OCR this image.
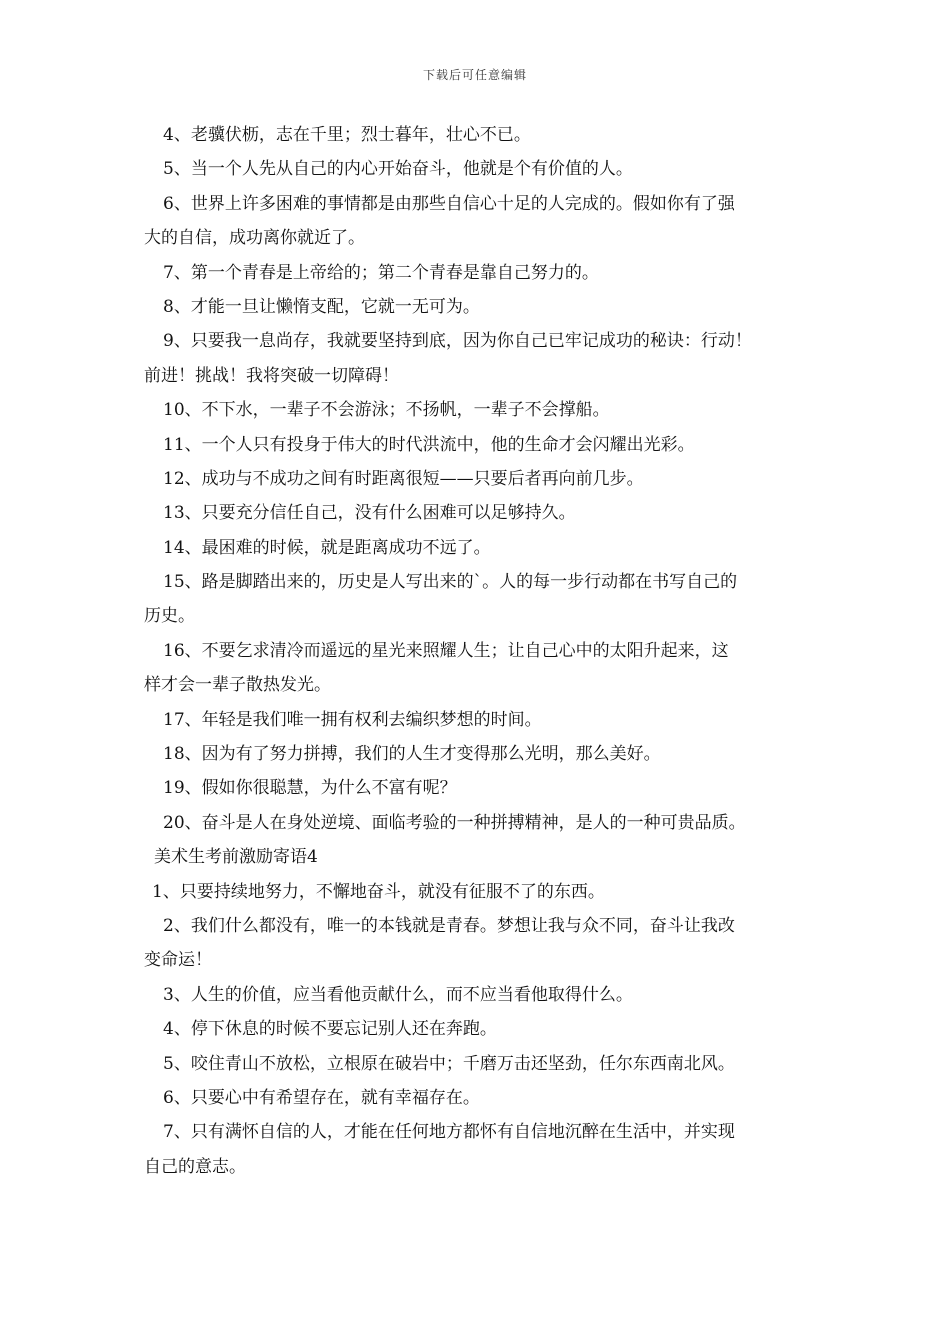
下载后可任意编辑
4、老骥伏枥，志在千里；烈士暮年，壮心不已。
5、当一个人先从自己的内心开始奋斗，他就是个有价值的人。
6、世界上许多困难的事情都是由那些自信心十足的人完成的。假如你有了强
大的自信，成功离你就近了。
7、第一个青春是上帝给的；第二个青春是靠自己努力的。
8、才能一旦让懒惰支配，它就一无可为。
9、只要我一息尚存，我就要坚持到底，因为你自己已牢记成功的秘诀：行动！
前进！挑战！我将突破一切障碍！
10、不下水，一辈子不会游泳；不扬帆，一辈子不会撑船。
11、一个人只有投身于伟大的时代洪流中，他的生命才会闪耀出光彩。
12、成功与不成功之间有时距离很短——只要后者再向前几步。
13、只要充分信任自己，没有什么困难可以足够持久。
14、最困难的时候，就是距离成功不远了。
15、路是脚踏出来的，历史是人写出来的`。人的每一步行动都在书写自己的
历史。
16、不要乞求清冷而遥远的星光来照耀人生；让自己心中的太阳升起来，这
样才会一辈子散热发光。
17、年轻是我们唯一拥有权利去编织梦想的时间。
18、因为有了努力拼搏，我们的人生才变得那么光明，那么美好。
19、假如你很聪慧，为什么不富有呢？
20、奋斗是人在身处逆境、面临考验的一种拼搏精神，是人的一种可贵品质。
美术生考前激励寄语4
1、只要持续地努力，不懈地奋斗，就没有征服不了的东西。
2、我们什么都没有，唯一的本钱就是青春。梦想让我与众不同，奋斗让我改
变命运！
3、人生的价值，应当看他贡献什么，而不应当看他取得什么。
4、停下休息的时候不要忘记别人还在奔跑。
5、咬住青山不放松，立根原在破岩中；千磨万击还坚劲，任尔东西南北风。
6、只要心中有希望存在，就有幸福存在。
7、只有满怀自信的人，才能在任何地方都怀有自信地沉醉在生活中，并实现
自己的意志。
